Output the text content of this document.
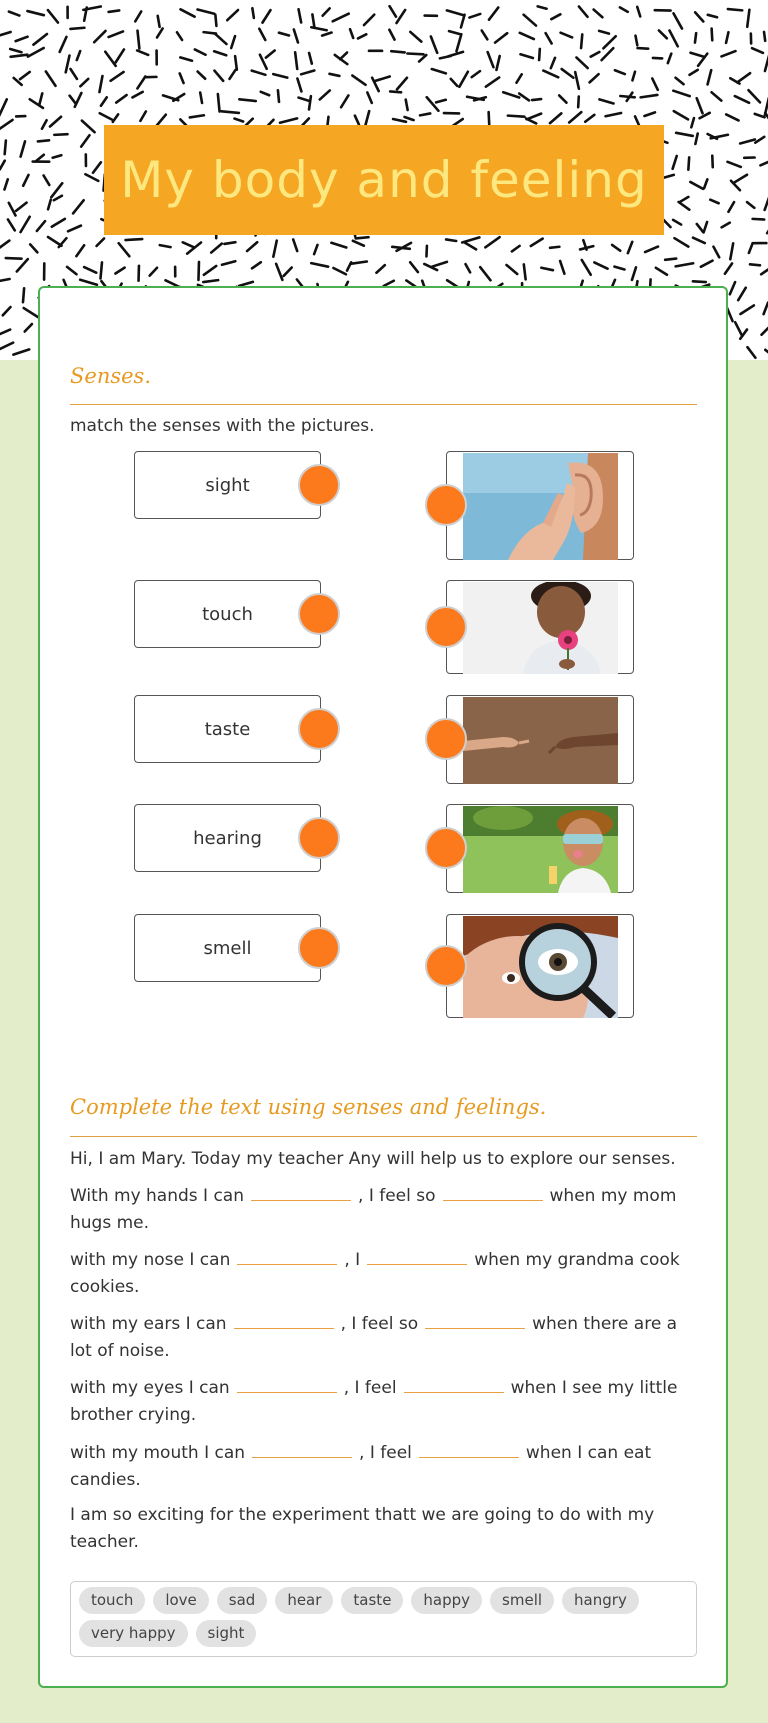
My body and feeling
Senses.
match the senses with the pictures.
sight
touch
taste
hearing
smell
Complete the text using senses and feelings.
Hi, I am Mary. Today my teacher Any will help us to explore our senses.
With my hands I can	, I feel so	when my mom hugs me.
with my nose I can	, I	when my grandma cook cookies.
with my ears I can	, I feel so	when there are a lot of noise.
with my eyes I can	, I feel	when I see my little brother crying.
with my mouth I can	, I feel	when I can eat candies.
I am so exciting for the experiment thatt we are going to do with my teacher.
touch	love	sad	hear	taste	happy	smell	hangry
very happy	sight
